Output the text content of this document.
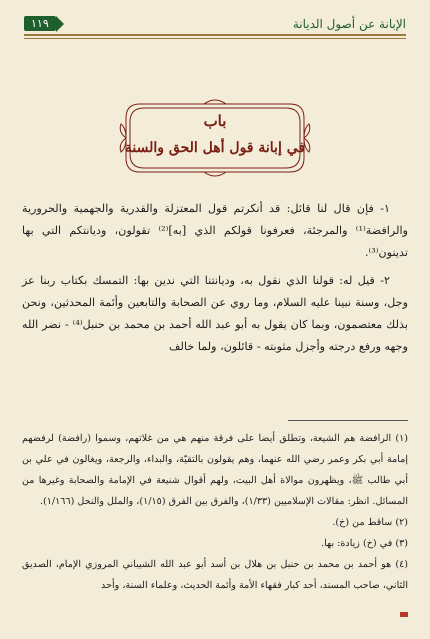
١١٩	الإبانة عن أصول الديانة
باب
في إبانة قول أهل الحق والسنة

١- فإن قال لنا قائل: قد أنكرتم قول المعتزلة والقدرية والجهمية والحرورية والرافضة⁽¹⁾ والمرجئة، فعرفونا قولكم الذي [به]⁽²⁾ تقولون، وديانتكم التي بها تدينون⁽³⁾.

٢- قيل له: قولنا الذي نقول به، وديانتنا التي ندين بها: التمسك بكتاب ربنا عز وجل، وسنة نبينا عليه السلام، وما روي عن الصحابة والتابعين وأئمة المحدثين، ونحن بذلك معتصمون، وبما كان يقول به أبو عبد الله أحمد بن محمد بن حنبل⁽⁴⁾ - نضر الله وجهه ورفع درجته وأجزل مثوبته - قائلون، ولما خالف

(١) الرافضة هم الشيعة، وتطلق أيضا على فرقة منهم هي من غلاتهم، وسموا (رافضة) لرفضهم إمامة أبي بكر وعمر رضي الله عنهما، وهم يقولون بالتقيّة، والبداء، والرجعة، ويغالون في علي بن أبي طالب ﷺ، ويظهرون موالاة أهل البيت، ولهم أقوال شنيعة في الإمامة والصحابة وغيرها من المسائل. انظر: مقالات الإسلاميين (١/٣٣)، والفرق بين الفرق (١/١٥)، والملل والنحل (١/١٦٦).

(٢) ساقط من (خ).

(٣) في (خ) زيادة: بها.

(٤) هو أحمد بن محمد بن حنبل بن هلال بن أسد أبو عبد الله الشيباني المروزي الإمام، الصديق الثاني، صاحب المسند، أحد كبار فقهاء الأمة وأئمة الحديث، وعلماء السنة، وأحد
